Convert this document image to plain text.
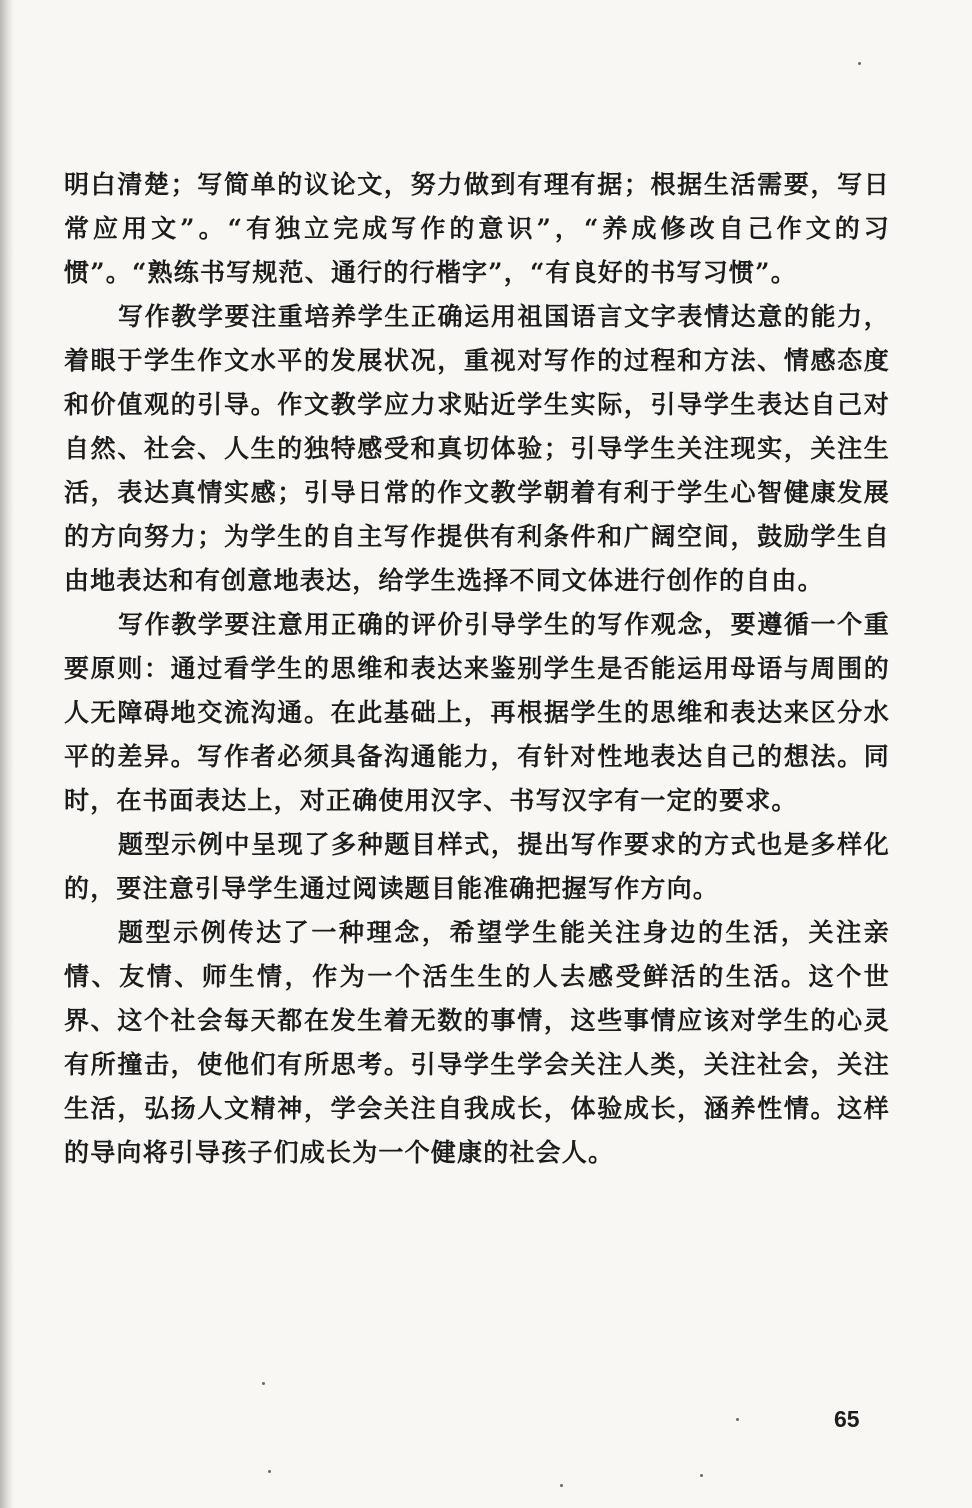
明白清楚；写简单的议论文，努力做到有理有据；根据生活需要，写日常应用文”。“有独立完成写作的意识”，“养成修改自己作文的习惯”。“熟练书写规范、通行的行楷字”，“有良好的书写习惯”。

写作教学要注重培养学生正确运用祖国语言文字表情达意的能力，着眼于学生作文水平的发展状况，重视对写作的过程和方法、情感态度和价值观的引导。作文教学应力求贴近学生实际，引导学生表达自己对自然、社会、人生的独特感受和真切体验；引导学生关注现实，关注生活，表达真情实感；引导日常的作文教学朝着有利于学生心智健康发展的方向努力；为学生的自主写作提供有利条件和广阔空间，鼓励学生自由地表达和有创意地表达，给学生选择不同文体进行创作的自由。

写作教学要注意用正确的评价引导学生的写作观念，要遵循一个重要原则：通过看学生的思维和表达来鉴别学生是否能运用母语与周围的人无障碍地交流沟通。在此基础上，再根据学生的思维和表达来区分水平的差异。写作者必须具备沟通能力，有针对性地表达自己的想法。同时，在书面表达上，对正确使用汉字、书写汉字有一定的要求。

题型示例中呈现了多种题目样式，提出写作要求的方式也是多样化的，要注意引导学生通过阅读题目能准确把握写作方向。

题型示例传达了一种理念，希望学生能关注身边的生活，关注亲情、友情、师生情，作为一个活生生的人去感受鲜活的生活。这个世界、这个社会每天都在发生着无数的事情，这些事情应该对学生的心灵有所撞击，使他们有所思考。引导学生学会关注人类，关注社会，关注生活，弘扬人文精神，学会关注自我成长，体验成长，涵养性情。这样的导向将引导孩子们成长为一个健康的社会人。

65
